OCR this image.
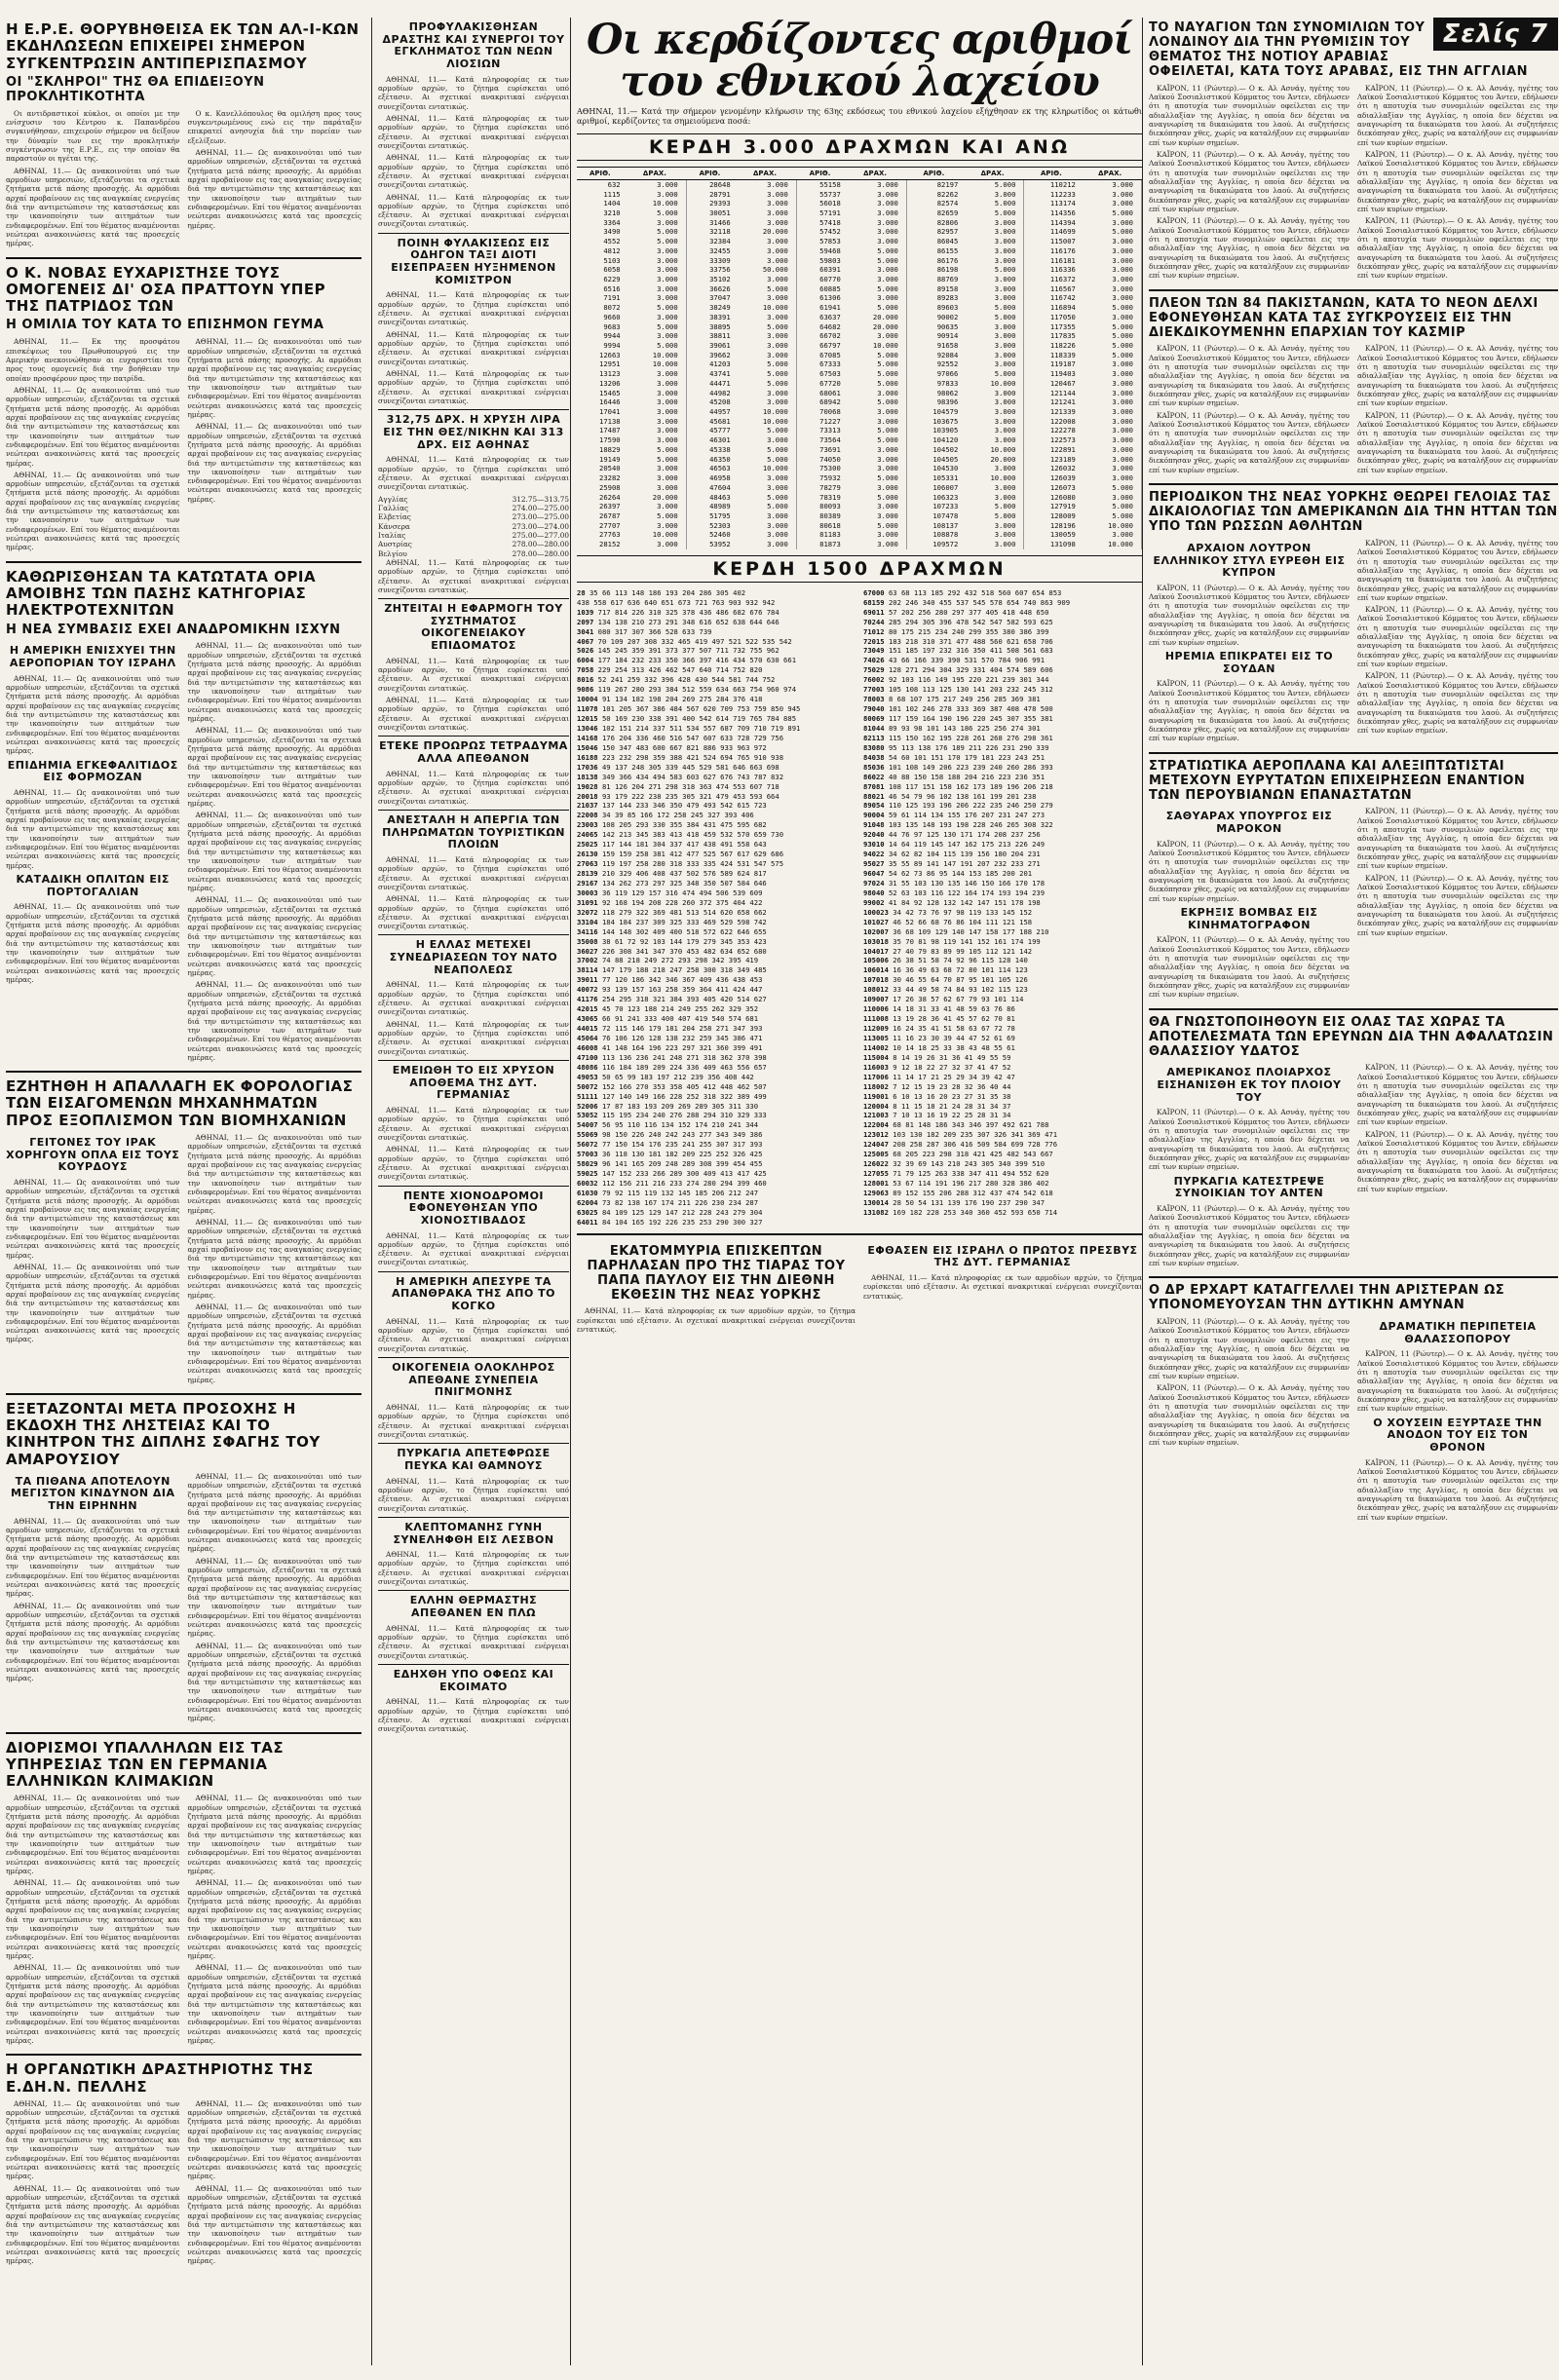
Η Ε.Ρ.Ε. ΘΟΡΥΒΗΘΕΙΣΑ ΕΚ ΤΩΝ ΑΛ-Ι-ΚΩΝ ΕΚΔΗΛΩΣΕΩΝ ΕΠΙΧΕΙΡΕΙ ΣΗΜΕΡΟΝ ΣΥΓΚΕΝΤΡΩΣΙΝ ΑΝΤΙΠΕΡΙΣΠΑΣΜΟΥ
ΟΙ "ΣΚΛΗΡΟΙ" ΤΗΣ ΘΑ ΕΠΙΔΕΙΞΟΥΝ ΠΡΟΚΛΗΤΙΚΟΤΗΤΑ

Οι αντιδραστικοί κύκλοι, οι οποίοι με την ενίσχυσιν του Κέντρου κ. Παπανδρέου συγκινήθησαν, επιχειρούν σήμερον να δείξουν την δύναμίν των εις την προκλητικήν συγκέντρωσιν της Ε.Ρ.Ε., εις την οποίαν θα παραστούν οι ηγέται της.

ΑΘΗΝΑΙ, 11.— Ως ανακοινούται υπό των αρμοδίων υπηρεσιών, εξετάζονται τα σχετικά ζητήματα μετά πάσης προσοχής. Αι αρμόδιαι αρχαί προβαίνουν εις τας αναγκαίας ενεργείας διά την αντιμετώπισιν της καταστάσεως και την ικανοποίησιν των αιτημάτων των ενδιαφερομένων. Επί του θέματος αναμένονται νεώτεραι ανακοινώσεις κατά τας προσεχείς ημέρας.

Ο κ. Κανελλόπουλος θα ομιλήση προς τους συγκεντρωμένους ενώ εις την παράταξιν επικρατεί ανησυχία διά την πορείαν των εξελίξεων.

ΑΘΗΝΑΙ, 11.— Ως ανακοινούται υπό των αρμοδίων υπηρεσιών, εξετάζονται τα σχετικά ζητήματα μετά πάσης προσοχής. Αι αρμόδιαι αρχαί προβαίνουν εις τας αναγκαίας ενεργείας διά την αντιμετώπισιν της καταστάσεως και την ικανοποίησιν των αιτημάτων των ενδιαφερομένων. Επί του θέματος αναμένονται νεώτεραι ανακοινώσεις κατά τας προσεχείς ημέρας.

Ο Κ. ΝΟΒΑΣ ΕΥΧΑΡΙΣΤΗΣΕ ΤΟΥΣ ΟΜΟΓΕΝΕΙΣ ΔΙ' ΟΣΑ ΠΡΑΤΤΟΥΝ ΥΠΕΡ ΤΗΣ ΠΑΤΡΙΔΟΣ ΤΩΝ
Η ΟΜΙΛΙΑ ΤΟΥ ΚΑΤΑ ΤΟ ΕΠΙΣΗΜΟΝ ΓΕΥΜΑ

ΑΘΗΝΑΙ, 11.— Εκ της προσφάτου επισκέψεως του Πρωθυπουργού εις την Αμερικήν ανεκοινώθησαν αι ευχαριστίαι του προς τους ομογενείς διά την βοήθειαν την οποίαν προσφέρουν προς την πατρίδα.

ΑΘΗΝΑΙ, 11.— Ως ανακοινούται υπό των αρμοδίων υπηρεσιών, εξετάζονται τα σχετικά ζητήματα μετά πάσης προσοχής. Αι αρμόδιαι αρχαί προβαίνουν εις τας αναγκαίας ενεργείας διά την αντιμετώπισιν της καταστάσεως και την ικανοποίησιν των αιτημάτων των ενδιαφερομένων. Επί του θέματος αναμένονται νεώτεραι ανακοινώσεις κατά τας προσεχείς ημέρας.

ΑΘΗΝΑΙ, 11.— Ως ανακοινούται υπό των αρμοδίων υπηρεσιών, εξετάζονται τα σχετικά ζητήματα μετά πάσης προσοχής. Αι αρμόδιαι αρχαί προβαίνουν εις τας αναγκαίας ενεργείας διά την αντιμετώπισιν της καταστάσεως και την ικανοποίησιν των αιτημάτων των ενδιαφερομένων. Επί του θέματος αναμένονται νεώτεραι ανακοινώσεις κατά τας προσεχείς ημέρας.

ΑΘΗΝΑΙ, 11.— Ως ανακοινούται υπό των αρμοδίων υπηρεσιών, εξετάζονται τα σχετικά ζητήματα μετά πάσης προσοχής. Αι αρμόδιαι αρχαί προβαίνουν εις τας αναγκαίας ενεργείας διά την αντιμετώπισιν της καταστάσεως και την ικανοποίησιν των αιτημάτων των ενδιαφερομένων. Επί του θέματος αναμένονται νεώτεραι ανακοινώσεις κατά τας προσεχείς ημέρας.

ΑΘΗΝΑΙ, 11.— Ως ανακοινούται υπό των αρμοδίων υπηρεσιών, εξετάζονται τα σχετικά ζητήματα μετά πάσης προσοχής. Αι αρμόδιαι αρχαί προβαίνουν εις τας αναγκαίας ενεργείας διά την αντιμετώπισιν της καταστάσεως και την ικανοποίησιν των αιτημάτων των ενδιαφερομένων. Επί του θέματος αναμένονται νεώτεραι ανακοινώσεις κατά τας προσεχείς ημέρας.

ΚΑΘΩΡΙΣΘΗΣΑΝ ΤΑ ΚΑΤΩΤΑΤΑ ΟΡΙΑ ΑΜΟΙΒΗΣ ΤΩΝ ΠΑΣΗΣ ΚΑΤΗΓΟΡΙΑΣ ΗΛΕΚΤΡΟΤΕΧΝΙΤΩΝ
Η ΝΕΑ ΣΥΜΒΑΣΙΣ ΕΧΕΙ ΑΝΑΔΡΟΜΙΚΗΝ ΙΣΧΥΝ
Η ΑΜΕΡΙΚΗ ΕΝΙΣΧΥΕΙ ΤΗΝ ΑΕΡΟΠΟΡΙΑΝ ΤΟΥ ΙΣΡΑΗΛ

ΑΘΗΝΑΙ, 11.— Ως ανακοινούται υπό των αρμοδίων υπηρεσιών, εξετάζονται τα σχετικά ζητήματα μετά πάσης προσοχής. Αι αρμόδιαι αρχαί προβαίνουν εις τας αναγκαίας ενεργείας διά την αντιμετώπισιν της καταστάσεως και την ικανοποίησιν των αιτημάτων των ενδιαφερομένων. Επί του θέματος αναμένονται νεώτεραι ανακοινώσεις κατά τας προσεχείς ημέρας.

ΕΠΙΔΗΜΙΑ ΕΓΚΕΦΑΛΙΤΙΔΟΣ ΕΙΣ ΦΟΡΜΟΖΑΝ

ΑΘΗΝΑΙ, 11.— Ως ανακοινούται υπό των αρμοδίων υπηρεσιών, εξετάζονται τα σχετικά ζητήματα μετά πάσης προσοχής. Αι αρμόδιαι αρχαί προβαίνουν εις τας αναγκαίας ενεργείας διά την αντιμετώπισιν της καταστάσεως και την ικανοποίησιν των αιτημάτων των ενδιαφερομένων. Επί του θέματος αναμένονται νεώτεραι ανακοινώσεις κατά τας προσεχείς ημέρας.

ΚΑΤΑΔΙΚΗ ΟΠΛΙΤΩΝ ΕΙΣ ΠΟΡΤΟΓΑΛΙΑΝ

ΑΘΗΝΑΙ, 11.— Ως ανακοινούται υπό των αρμοδίων υπηρεσιών, εξετάζονται τα σχετικά ζητήματα μετά πάσης προσοχής. Αι αρμόδιαι αρχαί προβαίνουν εις τας αναγκαίας ενεργείας διά την αντιμετώπισιν της καταστάσεως και την ικανοποίησιν των αιτημάτων των ενδιαφερομένων. Επί του θέματος αναμένονται νεώτεραι ανακοινώσεις κατά τας προσεχείς ημέρας.

ΑΘΗΝΑΙ, 11.— Ως ανακοινούται υπό των αρμοδίων υπηρεσιών, εξετάζονται τα σχετικά ζητήματα μετά πάσης προσοχής. Αι αρμόδιαι αρχαί προβαίνουν εις τας αναγκαίας ενεργείας διά την αντιμετώπισιν της καταστάσεως και την ικανοποίησιν των αιτημάτων των ενδιαφερομένων. Επί του θέματος αναμένονται νεώτεραι ανακοινώσεις κατά τας προσεχείς ημέρας.

ΑΘΗΝΑΙ, 11.— Ως ανακοινούται υπό των αρμοδίων υπηρεσιών, εξετάζονται τα σχετικά ζητήματα μετά πάσης προσοχής. Αι αρμόδιαι αρχαί προβαίνουν εις τας αναγκαίας ενεργείας διά την αντιμετώπισιν της καταστάσεως και την ικανοποίησιν των αιτημάτων των ενδιαφερομένων. Επί του θέματος αναμένονται νεώτεραι ανακοινώσεις κατά τας προσεχείς ημέρας.

ΑΘΗΝΑΙ, 11.— Ως ανακοινούται υπό των αρμοδίων υπηρεσιών, εξετάζονται τα σχετικά ζητήματα μετά πάσης προσοχής. Αι αρμόδιαι αρχαί προβαίνουν εις τας αναγκαίας ενεργείας διά την αντιμετώπισιν της καταστάσεως και την ικανοποίησιν των αιτημάτων των ενδιαφερομένων. Επί του θέματος αναμένονται νεώτεραι ανακοινώσεις κατά τας προσεχείς ημέρας.

ΑΘΗΝΑΙ, 11.— Ως ανακοινούται υπό των αρμοδίων υπηρεσιών, εξετάζονται τα σχετικά ζητήματα μετά πάσης προσοχής. Αι αρμόδιαι αρχαί προβαίνουν εις τας αναγκαίας ενεργείας διά την αντιμετώπισιν της καταστάσεως και την ικανοποίησιν των αιτημάτων των ενδιαφερομένων. Επί του θέματος αναμένονται νεώτεραι ανακοινώσεις κατά τας προσεχείς ημέρας.

ΑΘΗΝΑΙ, 11.— Ως ανακοινούται υπό των αρμοδίων υπηρεσιών, εξετάζονται τα σχετικά ζητήματα μετά πάσης προσοχής. Αι αρμόδιαι αρχαί προβαίνουν εις τας αναγκαίας ενεργείας διά την αντιμετώπισιν της καταστάσεως και την ικανοποίησιν των αιτημάτων των ενδιαφερομένων. Επί του θέματος αναμένονται νεώτεραι ανακοινώσεις κατά τας προσεχείς ημέρας.

ΕΖΗΤΗΘΗ Η ΑΠΑΛΛΑΓΗ ΕΚ ΦΟΡΟΛΟΓΙΑΣ ΤΩΝ ΕΙΣΑΓΟΜΕΝΩΝ ΜΗΧΑΝΗΜΑΤΩΝ ΠΡΟΣ ΕΞΟΠΛΙΣΜΟΝ ΤΩΝ ΒΙΟΜΗΧΑΝΙΩΝ
ΓΕΙΤΟΝΕΣ ΤΟΥ ΙΡΑΚ ΧΟΡΗΓΟΥΝ ΟΠΛΑ ΕΙΣ ΤΟΥΣ ΚΟΥΡΔΟΥΣ

ΑΘΗΝΑΙ, 11.— Ως ανακοινούται υπό των αρμοδίων υπηρεσιών, εξετάζονται τα σχετικά ζητήματα μετά πάσης προσοχής. Αι αρμόδιαι αρχαί προβαίνουν εις τας αναγκαίας ενεργείας διά την αντιμετώπισιν της καταστάσεως και την ικανοποίησιν των αιτημάτων των ενδιαφερομένων. Επί του θέματος αναμένονται νεώτεραι ανακοινώσεις κατά τας προσεχείς ημέρας.

ΑΘΗΝΑΙ, 11.— Ως ανακοινούται υπό των αρμοδίων υπηρεσιών, εξετάζονται τα σχετικά ζητήματα μετά πάσης προσοχής. Αι αρμόδιαι αρχαί προβαίνουν εις τας αναγκαίας ενεργείας διά την αντιμετώπισιν της καταστάσεως και την ικανοποίησιν των αιτημάτων των ενδιαφερομένων. Επί του θέματος αναμένονται νεώτεραι ανακοινώσεις κατά τας προσεχείς ημέρας.

ΑΘΗΝΑΙ, 11.— Ως ανακοινούται υπό των αρμοδίων υπηρεσιών, εξετάζονται τα σχετικά ζητήματα μετά πάσης προσοχής. Αι αρμόδιαι αρχαί προβαίνουν εις τας αναγκαίας ενεργείας διά την αντιμετώπισιν της καταστάσεως και την ικανοποίησιν των αιτημάτων των ενδιαφερομένων. Επί του θέματος αναμένονται νεώτεραι ανακοινώσεις κατά τας προσεχείς ημέρας.

ΑΘΗΝΑΙ, 11.— Ως ανακοινούται υπό των αρμοδίων υπηρεσιών, εξετάζονται τα σχετικά ζητήματα μετά πάσης προσοχής. Αι αρμόδιαι αρχαί προβαίνουν εις τας αναγκαίας ενεργείας διά την αντιμετώπισιν της καταστάσεως και την ικανοποίησιν των αιτημάτων των ενδιαφερομένων. Επί του θέματος αναμένονται νεώτεραι ανακοινώσεις κατά τας προσεχείς ημέρας.

ΑΘΗΝΑΙ, 11.— Ως ανακοινούται υπό των αρμοδίων υπηρεσιών, εξετάζονται τα σχετικά ζητήματα μετά πάσης προσοχής. Αι αρμόδιαι αρχαί προβαίνουν εις τας αναγκαίας ενεργείας διά την αντιμετώπισιν της καταστάσεως και την ικανοποίησιν των αιτημάτων των ενδιαφερομένων. Επί του θέματος αναμένονται νεώτεραι ανακοινώσεις κατά τας προσεχείς ημέρας.

ΕΞΕΤΑΖΟΝΤΑΙ ΜΕΤΑ ΠΡΟΣΟΧΗΣ Η ΕΚΔΟΧΗ ΤΗΣ ΛΗΣΤΕΙΑΣ ΚΑΙ ΤΟ ΚΙΝΗΤΡΟΝ ΤΗΣ ΔΙΠΛΗΣ ΣΦΑΓΗΣ ΤΟΥ ΑΜΑΡΟΥΣΙΟΥ
ΤΑ ΠΙΘΑΝΑ ΑΠΟΤΕΛΟΥΝ ΜΕΓΙΣΤΟΝ ΚΙΝΔΥΝΟΝ ΔΙΑ ΤΗΝ ΕΙΡΗΝΗΝ

ΑΘΗΝΑΙ, 11.— Ως ανακοινούται υπό των αρμοδίων υπηρεσιών, εξετάζονται τα σχετικά ζητήματα μετά πάσης προσοχής. Αι αρμόδιαι αρχαί προβαίνουν εις τας αναγκαίας ενεργείας διά την αντιμετώπισιν της καταστάσεως και την ικανοποίησιν των αιτημάτων των ενδιαφερομένων. Επί του θέματος αναμένονται νεώτεραι ανακοινώσεις κατά τας προσεχείς ημέρας.

ΑΘΗΝΑΙ, 11.— Ως ανακοινούται υπό των αρμοδίων υπηρεσιών, εξετάζονται τα σχετικά ζητήματα μετά πάσης προσοχής. Αι αρμόδιαι αρχαί προβαίνουν εις τας αναγκαίας ενεργείας διά την αντιμετώπισιν της καταστάσεως και την ικανοποίησιν των αιτημάτων των ενδιαφερομένων. Επί του θέματος αναμένονται νεώτεραι ανακοινώσεις κατά τας προσεχείς ημέρας.

ΑΘΗΝΑΙ, 11.— Ως ανακοινούται υπό των αρμοδίων υπηρεσιών, εξετάζονται τα σχετικά ζητήματα μετά πάσης προσοχής. Αι αρμόδιαι αρχαί προβαίνουν εις τας αναγκαίας ενεργείας διά την αντιμετώπισιν της καταστάσεως και την ικανοποίησιν των αιτημάτων των ενδιαφερομένων. Επί του θέματος αναμένονται νεώτεραι ανακοινώσεις κατά τας προσεχείς ημέρας.

ΑΘΗΝΑΙ, 11.— Ως ανακοινούται υπό των αρμοδίων υπηρεσιών, εξετάζονται τα σχετικά ζητήματα μετά πάσης προσοχής. Αι αρμόδιαι αρχαί προβαίνουν εις τας αναγκαίας ενεργείας διά την αντιμετώπισιν της καταστάσεως και την ικανοποίησιν των αιτημάτων των ενδιαφερομένων. Επί του θέματος αναμένονται νεώτεραι ανακοινώσεις κατά τας προσεχείς ημέρας.

ΑΘΗΝΑΙ, 11.— Ως ανακοινούται υπό των αρμοδίων υπηρεσιών, εξετάζονται τα σχετικά ζητήματα μετά πάσης προσοχής. Αι αρμόδιαι αρχαί προβαίνουν εις τας αναγκαίας ενεργείας διά την αντιμετώπισιν της καταστάσεως και την ικανοποίησιν των αιτημάτων των ενδιαφερομένων. Επί του θέματος αναμένονται νεώτεραι ανακοινώσεις κατά τας προσεχείς ημέρας.

ΔΙΟΡΙΣΜΟΙ ΥΠΑΛΛΗΛΩΝ ΕΙΣ ΤΑΣ ΥΠΗΡΕΣΙΑΣ ΤΩΝ ΕΝ ΓΕΡΜΑΝΙΑ ΕΛΛΗΝΙΚΩΝ ΚΛΙΜΑΚΙΩΝ

ΑΘΗΝΑΙ, 11.— Ως ανακοινούται υπό των αρμοδίων υπηρεσιών, εξετάζονται τα σχετικά ζητήματα μετά πάσης προσοχής. Αι αρμόδιαι αρχαί προβαίνουν εις τας αναγκαίας ενεργείας διά την αντιμετώπισιν της καταστάσεως και την ικανοποίησιν των αιτημάτων των ενδιαφερομένων. Επί του θέματος αναμένονται νεώτεραι ανακοινώσεις κατά τας προσεχείς ημέρας.

ΑΘΗΝΑΙ, 11.— Ως ανακοινούται υπό των αρμοδίων υπηρεσιών, εξετάζονται τα σχετικά ζητήματα μετά πάσης προσοχής. Αι αρμόδιαι αρχαί προβαίνουν εις τας αναγκαίας ενεργείας διά την αντιμετώπισιν της καταστάσεως και την ικανοποίησιν των αιτημάτων των ενδιαφερομένων. Επί του θέματος αναμένονται νεώτεραι ανακοινώσεις κατά τας προσεχείς ημέρας.

ΑΘΗΝΑΙ, 11.— Ως ανακοινούται υπό των αρμοδίων υπηρεσιών, εξετάζονται τα σχετικά ζητήματα μετά πάσης προσοχής. Αι αρμόδιαι αρχαί προβαίνουν εις τας αναγκαίας ενεργείας διά την αντιμετώπισιν της καταστάσεως και την ικανοποίησιν των αιτημάτων των ενδιαφερομένων. Επί του θέματος αναμένονται νεώτεραι ανακοινώσεις κατά τας προσεχείς ημέρας.

ΑΘΗΝΑΙ, 11.— Ως ανακοινούται υπό των αρμοδίων υπηρεσιών, εξετάζονται τα σχετικά ζητήματα μετά πάσης προσοχής. Αι αρμόδιαι αρχαί προβαίνουν εις τας αναγκαίας ενεργείας διά την αντιμετώπισιν της καταστάσεως και την ικανοποίησιν των αιτημάτων των ενδιαφερομένων. Επί του θέματος αναμένονται νεώτεραι ανακοινώσεις κατά τας προσεχείς ημέρας.

ΑΘΗΝΑΙ, 11.— Ως ανακοινούται υπό των αρμοδίων υπηρεσιών, εξετάζονται τα σχετικά ζητήματα μετά πάσης προσοχής. Αι αρμόδιαι αρχαί προβαίνουν εις τας αναγκαίας ενεργείας διά την αντιμετώπισιν της καταστάσεως και την ικανοποίησιν των αιτημάτων των ενδιαφερομένων. Επί του θέματος αναμένονται νεώτεραι ανακοινώσεις κατά τας προσεχείς ημέρας.

ΑΘΗΝΑΙ, 11.— Ως ανακοινούται υπό των αρμοδίων υπηρεσιών, εξετάζονται τα σχετικά ζητήματα μετά πάσης προσοχής. Αι αρμόδιαι αρχαί προβαίνουν εις τας αναγκαίας ενεργείας διά την αντιμετώπισιν της καταστάσεως και την ικανοποίησιν των αιτημάτων των ενδιαφερομένων. Επί του θέματος αναμένονται νεώτεραι ανακοινώσεις κατά τας προσεχείς ημέρας.

Η ΟΡΓΑΝΩΤΙΚΗ ΔΡΑΣΤΗΡΙΟΤΗΣ ΤΗΣ Ε.ΔΗ.Ν. ΠΕΛΛΗΣ

ΑΘΗΝΑΙ, 11.— Ως ανακοινούται υπό των αρμοδίων υπηρεσιών, εξετάζονται τα σχετικά ζητήματα μετά πάσης προσοχής. Αι αρμόδιαι αρχαί προβαίνουν εις τας αναγκαίας ενεργείας διά την αντιμετώπισιν της καταστάσεως και την ικανοποίησιν των αιτημάτων των ενδιαφερομένων. Επί του θέματος αναμένονται νεώτεραι ανακοινώσεις κατά τας προσεχείς ημέρας.

ΑΘΗΝΑΙ, 11.— Ως ανακοινούται υπό των αρμοδίων υπηρεσιών, εξετάζονται τα σχετικά ζητήματα μετά πάσης προσοχής. Αι αρμόδιαι αρχαί προβαίνουν εις τας αναγκαίας ενεργείας διά την αντιμετώπισιν της καταστάσεως και την ικανοποίησιν των αιτημάτων των ενδιαφερομένων. Επί του θέματος αναμένονται νεώτεραι ανακοινώσεις κατά τας προσεχείς ημέρας.

ΑΘΗΝΑΙ, 11.— Ως ανακοινούται υπό των αρμοδίων υπηρεσιών, εξετάζονται τα σχετικά ζητήματα μετά πάσης προσοχής. Αι αρμόδιαι αρχαί προβαίνουν εις τας αναγκαίας ενεργείας διά την αντιμετώπισιν της καταστάσεως και την ικανοποίησιν των αιτημάτων των ενδιαφερομένων. Επί του θέματος αναμένονται νεώτεραι ανακοινώσεις κατά τας προσεχείς ημέρας.

ΑΘΗΝΑΙ, 11.— Ως ανακοινούται υπό των αρμοδίων υπηρεσιών, εξετάζονται τα σχετικά ζητήματα μετά πάσης προσοχής. Αι αρμόδιαι αρχαί προβαίνουν εις τας αναγκαίας ενεργείας διά την αντιμετώπισιν της καταστάσεως και την ικανοποίησιν των αιτημάτων των ενδιαφερομένων. Επί του θέματος αναμένονται νεώτεραι ανακοινώσεις κατά τας προσεχείς ημέρας.

ΠΡΟΦΥΛΑΚΙΣΘΗΣΑΝ ΔΡΑΣΤΗΣ ΚΑΙ ΣΥΝΕΡΓΟΙ ΤΟΥ ΕΓΚΛΗΜΑΤΟΣ ΤΩΝ ΝΕΩΝ ΛΙΟΣΙΩΝ

ΑΘΗΝΑΙ, 11.— Κατά πληροφορίας εκ των αρμοδίων αρχών, το ζήτημα ευρίσκεται υπό εξέτασιν. Αι σχετικαί ανακριτικαί ενέργειαι συνεχίζονται εντατικώς.

ΑΘΗΝΑΙ, 11.— Κατά πληροφορίας εκ των αρμοδίων αρχών, το ζήτημα ευρίσκεται υπό εξέτασιν. Αι σχετικαί ανακριτικαί ενέργειαι συνεχίζονται εντατικώς.

ΑΘΗΝΑΙ, 11.— Κατά πληροφορίας εκ των αρμοδίων αρχών, το ζήτημα ευρίσκεται υπό εξέτασιν. Αι σχετικαί ανακριτικαί ενέργειαι συνεχίζονται εντατικώς.

ΑΘΗΝΑΙ, 11.— Κατά πληροφορίας εκ των αρμοδίων αρχών, το ζήτημα ευρίσκεται υπό εξέτασιν. Αι σχετικαί ανακριτικαί ενέργειαι συνεχίζονται εντατικώς.

ΠΟΙΝΗ ΦΥΛΑΚΙΣΕΩΣ ΕΙΣ ΟΔΗΓΟΝ ΤΑΞΙ ΔΙΟΤΙ ΕΙΣΕΠΡΑΞΕΝ ΗΥΞΗΜΕΝΟΝ ΚΟΜΙΣΤΡΟΝ

ΑΘΗΝΑΙ, 11.— Κατά πληροφορίας εκ των αρμοδίων αρχών, το ζήτημα ευρίσκεται υπό εξέτασιν. Αι σχετικαί ανακριτικαί ενέργειαι συνεχίζονται εντατικώς.

ΑΘΗΝΑΙ, 11.— Κατά πληροφορίας εκ των αρμοδίων αρχών, το ζήτημα ευρίσκεται υπό εξέτασιν. Αι σχετικαί ανακριτικαί ενέργειαι συνεχίζονται εντατικώς.

ΑΘΗΝΑΙ, 11.— Κατά πληροφορίας εκ των αρμοδίων αρχών, το ζήτημα ευρίσκεται υπό εξέτασιν. Αι σχετικαί ανακριτικαί ενέργειαι συνεχίζονται εντατικώς.

312,75 ΔΡΧ. Η ΧΡΥΣΗ ΛΙΡΑ ΕΙΣ ΤΗΝ ΘΕΣ/ΝΙΚΗΝ ΚΑΙ 313 ΔΡΧ. ΕΙΣ ΑΘΗΝΑΣ

ΑΘΗΝΑΙ, 11.— Κατά πληροφορίας εκ των αρμοδίων αρχών, το ζήτημα ευρίσκεται υπό εξέτασιν. Αι σχετικαί ανακριτικαί ενέργειαι συνεχίζονται εντατικώς.

Αγγλίας	312.75—313.75
Γαλλίας	274.00—275.00
Ελβετίας	273.00—275.00
Κάνσερα	273.00—274.00
Ιταλίας	275.00—277.00
Αυστρίας	278.00—280.00
Βελγίου	278.00—280.00

ΑΘΗΝΑΙ, 11.— Κατά πληροφορίας εκ των αρμοδίων αρχών, το ζήτημα ευρίσκεται υπό εξέτασιν. Αι σχετικαί ανακριτικαί ενέργειαι συνεχίζονται εντατικώς.

ΖΗΤΕΙΤΑΙ Η ΕΦΑΡΜΟΓΗ ΤΟΥ ΣΥΣΤΗΜΑΤΟΣ ΟΙΚΟΓΕΝΕΙΑΚΟΥ ΕΠΙΔΟΜΑΤΟΣ

ΑΘΗΝΑΙ, 11.— Κατά πληροφορίας εκ των αρμοδίων αρχών, το ζήτημα ευρίσκεται υπό εξέτασιν. Αι σχετικαί ανακριτικαί ενέργειαι συνεχίζονται εντατικώς.

ΑΘΗΝΑΙ, 11.— Κατά πληροφορίας εκ των αρμοδίων αρχών, το ζήτημα ευρίσκεται υπό εξέτασιν. Αι σχετικαί ανακριτικαί ενέργειαι συνεχίζονται εντατικώς.

ΕΤΕΚΕ ΠΡΟΩΡΩΣ ΤΕΤΡΑΔΥΜΑ ΑΛΛΑ ΑΠΕΘΑΝΟΝ

ΑΘΗΝΑΙ, 11.— Κατά πληροφορίας εκ των αρμοδίων αρχών, το ζήτημα ευρίσκεται υπό εξέτασιν. Αι σχετικαί ανακριτικαί ενέργειαι συνεχίζονται εντατικώς.

ΑΝΕΣΤΑΛΗ Η ΑΠΕΡΓΙΑ ΤΩΝ ΠΛΗΡΩΜΑΤΩΝ ΤΟΥΡΙΣΤΙΚΩΝ ΠΛΟΙΩΝ

ΑΘΗΝΑΙ, 11.— Κατά πληροφορίας εκ των αρμοδίων αρχών, το ζήτημα ευρίσκεται υπό εξέτασιν. Αι σχετικαί ανακριτικαί ενέργειαι συνεχίζονται εντατικώς.

ΑΘΗΝΑΙ, 11.— Κατά πληροφορίας εκ των αρμοδίων αρχών, το ζήτημα ευρίσκεται υπό εξέτασιν. Αι σχετικαί ανακριτικαί ενέργειαι συνεχίζονται εντατικώς.

Η ΕΛΛΑΣ ΜΕΤΕΧΕΙ ΣΥΝΕΔΡΙΑΣΕΩΝ ΤΟΥ ΝΑΤΟ ΝΕΑΠΟΛΕΩΣ

ΑΘΗΝΑΙ, 11.— Κατά πληροφορίας εκ των αρμοδίων αρχών, το ζήτημα ευρίσκεται υπό εξέτασιν. Αι σχετικαί ανακριτικαί ενέργειαι συνεχίζονται εντατικώς.

ΑΘΗΝΑΙ, 11.— Κατά πληροφορίας εκ των αρμοδίων αρχών, το ζήτημα ευρίσκεται υπό εξέτασιν. Αι σχετικαί ανακριτικαί ενέργειαι συνεχίζονται εντατικώς.

ΕΜΕΙΩΘΗ ΤΟ ΕΙΣ ΧΡΥΣΟΝ ΑΠΟΘΕΜΑ ΤΗΣ ΔΥΤ. ΓΕΡΜΑΝΙΑΣ

ΑΘΗΝΑΙ, 11.— Κατά πληροφορίας εκ των αρμοδίων αρχών, το ζήτημα ευρίσκεται υπό εξέτασιν. Αι σχετικαί ανακριτικαί ενέργειαι συνεχίζονται εντατικώς.

ΑΘΗΝΑΙ, 11.— Κατά πληροφορίας εκ των αρμοδίων αρχών, το ζήτημα ευρίσκεται υπό εξέτασιν. Αι σχετικαί ανακριτικαί ενέργειαι συνεχίζονται εντατικώς.

ΠΕΝΤΕ ΧΙΟΝΟΔΡΟΜΟΙ ΕΦΟΝΕΥΘΗΣΑΝ ΥΠΟ ΧΙΟΝΟΣΤΙΒΑΔΟΣ

ΑΘΗΝΑΙ, 11.— Κατά πληροφορίας εκ των αρμοδίων αρχών, το ζήτημα ευρίσκεται υπό εξέτασιν. Αι σχετικαί ανακριτικαί ενέργειαι συνεχίζονται εντατικώς.

Η ΑΜΕΡΙΚΗ ΑΠΕΣΥΡΕ ΤΑ ΑΠΑΝΘΡΑΚΑ ΤΗΣ ΑΠΟ ΤΟ ΚΟΓΚΟ

ΑΘΗΝΑΙ, 11.— Κατά πληροφορίας εκ των αρμοδίων αρχών, το ζήτημα ευρίσκεται υπό εξέτασιν. Αι σχετικαί ανακριτικαί ενέργειαι συνεχίζονται εντατικώς.

ΟΙΚΟΓΕΝΕΙΑ ΟΛΟΚΛΗΡΟΣ ΑΠΕΘΑΝΕ ΣΥΝΕΠΕΙΑ ΠΝΙΓΜΟΝΗΣ

ΑΘΗΝΑΙ, 11.— Κατά πληροφορίας εκ των αρμοδίων αρχών, το ζήτημα ευρίσκεται υπό εξέτασιν. Αι σχετικαί ανακριτικαί ενέργειαι συνεχίζονται εντατικώς.

ΠΥΡΚΑΓΙΑ ΑΠΕΤΕΦΡΩΣΕ ΠΕΥΚΑ ΚΑΙ ΘΑΜΝΟΥΣ

ΑΘΗΝΑΙ, 11.— Κατά πληροφορίας εκ των αρμοδίων αρχών, το ζήτημα ευρίσκεται υπό εξέτασιν. Αι σχετικαί ανακριτικαί ενέργειαι συνεχίζονται εντατικώς.

ΚΛΕΠΤΟΜΑΝΗΣ ΓΥΝΗ ΣΥΝΕΛΗΦΘΗ ΕΙΣ ΛΕΣΒΟΝ

ΑΘΗΝΑΙ, 11.— Κατά πληροφορίας εκ των αρμοδίων αρχών, το ζήτημα ευρίσκεται υπό εξέτασιν. Αι σχετικαί ανακριτικαί ενέργειαι συνεχίζονται εντατικώς.

ΕΛΛΗΝ ΘΕΡΜΑΣΤΗΣ ΑΠΕΘΑΝΕΝ ΕΝ ΠΛΩ

ΑΘΗΝΑΙ, 11.— Κατά πληροφορίας εκ των αρμοδίων αρχών, το ζήτημα ευρίσκεται υπό εξέτασιν. Αι σχετικαί ανακριτικαί ενέργειαι συνεχίζονται εντατικώς.

ΕΔΗΧΘΗ ΥΠΟ ΟΦΕΩΣ ΚΑΙ ΕΚΟΙΜΑΤΟ

ΑΘΗΝΑΙ, 11.— Κατά πληροφορίας εκ των αρμοδίων αρχών, το ζήτημα ευρίσκεται υπό εξέτασιν. Αι σχετικαί ανακριτικαί ενέργειαι συνεχίζονται εντατικώς.

Οι κερδίζοντες αριθμοί του εθνικού λαχείου
ΑΘΗΝΑΙ, 11.— Κατά την σήμερον γενομένην κλήρωσιν της 63ης εκδόσεως του εθνικού λαχείου εξήχθησαν εκ της κληρωτίδος οι κάτωθι αριθμοί, κερδίζοντες τα σημειούμενα ποσά:
ΚΕΡΔΗ 3.000 ΔΡΑΧΜΩΝ ΚΑΙ ΑΝΩ
ΑΡΙΘ.	ΔΡΑΧ.	ΑΡΙΘ.	ΔΡΑΧ.	ΑΡΙΘ.	ΔΡΑΧ.	ΑΡΙΘ.	ΔΡΑΧ.	ΑΡΙΘ.	ΔΡΑΧ.
632	3.000	28648	3.000	55158	3.000	82197	5.000	110212	3.000
1115	3.000	28791	3.000	55737	3.000	82262	3.000	112233	3.000
1404	10.000	29393	3.000	56018	3.000	82574	5.000	113174	3.000
3210	5.000	30051	3.000	57191	3.000	82659	5.000	114356	5.000
3364	3.000	31466	3.000	57418	3.000	82806	3.000	114394	3.000
3490	5.000	32118	20.000	57452	3.000	82957	3.000	114699	5.000
4552	5.000	32384	3.000	57853	3.000	86045	3.000	115007	3.000
4812	3.000	32455	3.000	59468	5.000	86155	3.000	116176	3.000
5103	3.000	33309	3.000	59803	5.000	86176	3.000	116181	3.000
6058	3.000	33756	50.000	60391	3.000	86198	5.000	116336	3.000
6229	3.000	35102	3.000	60770	3.000	88769	3.000	116372	3.000
6516	3.000	36626	5.000	60885	5.000	89158	3.000	116567	3.000
7191	3.000	37047	3.000	61306	3.000	89283	3.000	116742	3.000
8072	5.000	38249	10.000	61941	5.000	89603	5.000	116894	5.000
9660	3.000	38391	3.000	63637	20.000	90002	5.000	117050	3.000
9683	5.000	38895	5.000	64682	20.000	90635	3.000	117355	5.000
9944	3.000	38811	3.000	66702	3.000	90914	3.000	117835	5.000
9994	5.000	39061	3.000	66797	10.000	91658	3.000	118226	5.000
12663	10.000	39662	3.000	67085	5.000	92084	3.000	118339	5.000
12951	10.000	41203	5.000	67333	5.000	92552	3.000	119187	3.000
13123	3.000	43741	5.000	67503	5.000	97066	5.000	119403	3.000
13206	3.000	44471	5.000	67720	5.000	97833	10.000	120467	3.000
15465	3.000	44982	3.000	68061	3.000	98062	3.000	121144	3.000
16446	3.000	45208	3.000	68942	5.000	98396	3.000	121241	3.000
17041	3.000	44957	10.000	70068	3.000	104579	3.000	121339	3.000
17138	3.000	45681	10.000	71227	3.000	103675	3.000	122008	3.000
17487	3.000	45777	5.000	73313	5.000	103905	3.000	122278	3.000
17590	3.000	46301	3.000	73564	5.000	104120	3.000	122573	3.000
18829	5.000	45338	5.000	73691	3.000	104502	10.000	122891	3.000
19149	5.000	46350	5.000	74050	3.000	104505	20.000	123189	3.000
20540	3.000	46563	10.000	75300	3.000	104530	3.000	126032	3.000
23282	3.000	46958	3.000	75932	5.000	105331	10.000	126039	3.000
25908	3.000	47604	3.000	78279	3.000	106007	3.000	126073	5.000
26264	20.000	48463	5.000	78319	5.000	106323	3.000	126080	3.000
26397	3.000	48989	5.000	80093	3.000	107233	5.000	127919	5.000
26787	5.000	51795	3.000	80389	3.000	107478	5.000	128009	5.000
27707	3.000	52303	3.000	80618	5.000	108137	3.000	128196	10.000
27763	10.000	52460	3.000	81183	3.000	108878	3.000	130059	3.000
28152	3.000	53952	3.000	81873	3.000	109572	3.000	131098	10.000
ΚΕΡΔΗ 1500 ΔΡΑΧΜΩΝ
28 35 66 113 148 186 193 204 286 305 402
438 558 617 636 640 651 673 721 763 903 932 942
1039 717 814 226 310 325 378 436 486 682 676 784
2097 134 138 210 273 291 348 616 652 638 644 646
3041 080 317 307 366 528 633 739
4067 70 109 207 308 332 465 419 497 521 522 535 542
5026 145 245 359 391 373 377 507 711 732 755 962
6004 177 184 232 233 350 366 397 416 434 570 630 661
7058 229 254 313 426 462 547 640 714 752 820
8016 52 241 259 332 396 428 430 544 581 744 752
9086 119 267 280 293 384 512 559 634 663 754 960 974
10004 91 134 182 198 204 269 275 284 376 418
11078 101 205 367 386 484 567 620 709 753 759 850 945
12015 50 169 230 338 391 400 542 614 719 765 784 885
13046 102 151 214 337 511 534 557 687 709 710 719 891
14168 176 204 336 460 516 547 607 633 728 729 756
15046 150 347 483 600 667 821 886 933 963 972
16188 223 232 298 359 388 421 524 694 765 910 938
17036 49 137 248 305 339 445 529 581 646 663 698
18138 349 366 434 494 583 603 627 676 743 787 832
19028 81 126 204 271 298 318 363 474 553 607 718
20018 93 179 222 238 235 305 321 479 453 593 664
21037 137 144 233 346 350 479 493 542 615 723
22008 34 39 85 166 172 258 245 327 393 406
23003 108 205 293 330 355 384 431 475 595 682
24065 142 213 345 383 413 418 459 532 570 659 730
25025 117 144 181 304 337 417 438 491 558 643
26130 159 159 258 381 412 477 525 567 617 629 686
27063 119 197 258 280 318 333 335 424 531 547 575
28139 210 329 406 408 437 502 576 589 624 817
29167 134 262 273 297 325 348 350 507 584 646
30003 36 119 129 157 316 474 494 506 539 609
31091 92 168 194 208 228 260 372 375 404 422
32072 118 279 322 369 481 513 514 620 658 662
33104 184 184 237 309 325 333 469 529 598 742
34116 144 148 302 409 400 518 572 622 646 655
35008 38 61 72 92 103 144 179 279 345 353 423
36027 226 308 341 347 370 453 482 634 652 680
37002 74 88 218 249 272 293 298 342 395 419
38114 147 179 188 218 247 258 300 318 349 485
39011 77 120 186 342 346 367 409 436 438 453
40072 93 139 157 163 258 359 364 411 424 447
41176 254 295 318 321 384 393 405 420 514 627
42015 45 70 123 188 214 249 255 262 329 352
43065 66 91 241 333 400 407 419 540 574 681
44015 72 115 146 179 181 204 258 271 347 393
45064 76 106 126 128 138 232 259 345 386 471
46008 41 148 164 196 223 297 321 360 399 491
47100 113 136 236 241 248 271 318 362 370 398
48086 116 184 189 209 224 336 409 463 556 657
49053 50 65 99 183 197 212 239 356 408 442
50072 152 166 270 353 358 405 412 448 462 507
51111 127 140 149 166 228 252 318 322 389 499
52006 17 87 183 193 209 269 289 305 311 330
53052 115 195 234 240 276 288 294 310 329 333
54007 56 95 110 116 134 152 174 210 241 344
55069 98 150 226 240 242 243 277 343 349 386
56072 77 150 154 176 235 241 255 307 317 393
57003 36 118 130 181 182 209 225 252 326 425
58029 96 141 165 209 248 289 308 399 454 455
59025 147 152 233 266 289 300 409 413 417 425
60032 112 156 211 216 233 274 280 294 399 460
61030 79 92 115 119 132 145 185 206 212 247
62004 73 82 138 167 174 211 226 230 234 287
63025 84 109 125 129 147 212 228 243 279 304
64011 84 104 165 192 226 235 253 290 300 327
67000 63 68 113 185 292 432 518 560 607 654 853
68159 202 246 340 455 537 545 578 654 740 863 909
69011 57 202 256 280 297 377 405 418 448 650
70244 285 294 305 396 478 542 547 582 593 625
71012 80 175 215 234 240 299 355 380 386 399
72015 183 218 310 371 477 488 560 621 658 706
73049 151 185 197 232 316 350 411 508 561 683
74026 43 66 166 339 390 531 570 784 906 991
75029 128 271 294 304 329 331 404 574 589 606
76002 92 103 116 149 195 220 221 239 301 344
77003 105 108 113 125 130 141 203 232 245 312
78003 8 68 107 175 217 249 256 285 369 381
79040 101 102 246 278 333 369 387 408 478 500
80069 117 159 164 190 196 220 245 307 355 381
81044 89 93 98 101 143 186 225 256 274 301
82113 115 150 162 195 228 261 268 276 298 361
83080 95 113 138 176 189 211 226 231 290 339
84038 54 60 101 151 170 179 181 223 243 251
85036 101 108 149 206 223 239 240 260 286 393
86022 40 88 150 158 188 204 216 223 236 351
87081 108 117 151 158 162 173 189 196 206 218
88021 46 54 79 96 102 138 161 199 201 238
89054 110 125 193 196 206 222 235 246 250 279
90004 59 61 114 134 155 176 207 231 247 273
91048 103 135 148 193 198 228 246 265 308 322
92040 44 76 97 125 130 171 174 208 237 256
93010 14 64 119 145 147 162 175 213 226 249
94022 34 62 82 104 115 139 156 180 204 231
95027 35 55 89 141 147 191 207 232 233 271
96047 54 62 73 86 95 144 153 185 200 201
97024 31 55 103 130 135 146 150 166 170 178
98040 52 63 103 116 122 164 174 193 194 239
99002 41 84 92 128 132 142 147 151 178 198
100023 34 42 73 76 97 98 119 133 145 152
101027 46 52 66 68 76 86 104 111 121 158
102007 36 68 109 129 140 147 158 177 188 210
103018 35 70 81 98 119 141 152 161 174 199
104017 27 40 79 83 89 99 105 112 121 142
105006 26 38 51 58 74 92 96 115 128 140
106014 16 36 49 63 68 72 80 101 114 123
107018 30 46 55 64 70 87 95 101 105 126
108012 33 44 49 58 74 84 93 102 115 123
109007 17 26 38 57 62 67 79 93 101 114
110006 14 18 31 33 41 48 59 63 76 86
111008 13 19 28 36 41 45 57 62 70 81
112009 16 24 35 41 51 58 63 67 72 78
113005 11 16 23 30 39 44 47 52 61 69
114002 10 14 18 25 33 38 43 48 55 61
115004 8 14 19 26 31 36 41 49 55 59
116003 9 12 18 22 27 32 37 41 47 52
117006 11 14 17 21 25 29 34 39 42 47
118002 7 12 15 19 23 28 32 36 40 44
119001 6 10 13 16 20 23 27 31 35 38
120004 8 11 15 18 21 24 28 31 34 37
121003 7 10 13 16 19 22 25 28 31 34
122004 68 81 148 186 343 346 397 492 621 788
123012 103 130 182 209 235 307 326 341 369 471
124047 208 258 287 306 416 509 584 699 728 776
125005 68 205 223 298 318 421 425 482 543 667
126022 32 39 69 143 210 243 305 340 399 510
127055 71 79 125 263 338 347 411 494 552 620
128001 53 67 114 191 196 217 280 328 386 402
129063 89 152 155 206 288 312 437 474 542 618
130014 28 50 54 131 139 176 190 237 290 347
131082 169 182 228 253 340 360 452 593 650 714
ΕΚΑΤΟΜΜΥΡΙΑ ΕΠΙΣΚΕΠΤΩΝ ΠΑΡΗΛΑΣΑΝ ΠΡΟ ΤΗΣ ΤΙΑΡΑΣ ΤΟΥ ΠΑΠΑ ΠΑΥΛΟΥ ΕΙΣ ΤΗΝ ΔΙΕΘΝΗ ΕΚΘΕΣΙΝ ΤΗΣ ΝΕΑΣ ΥΟΡΚΗΣ

ΑΘΗΝΑΙ, 11.— Κατά πληροφορίας εκ των αρμοδίων αρχών, το ζήτημα ευρίσκεται υπό εξέτασιν. Αι σχετικαί ανακριτικαί ενέργειαι συνεχίζονται εντατικώς.

ΕΦΘΑΣΕΝ ΕΙΣ ΙΣΡΑΗΛ Ο ΠΡΩΤΟΣ ΠΡΕΣΒΥΣ ΤΗΣ ΔΥΤ. ΓΕΡΜΑΝΙΑΣ

ΑΘΗΝΑΙ, 11.— Κατά πληροφορίας εκ των αρμοδίων αρχών, το ζήτημα ευρίσκεται υπό εξέτασιν. Αι σχετικαί ανακριτικαί ενέργειαι συνεχίζονται εντατικώς.

Σελίς 7
ΤΟ ΝΑΥΑΓΙΟΝ ΤΩΝ ΣΥΝΟΜΙΛΙΩΝ ΤΟΥ ΛΟΝΔΙΝΟΥ ΔΙΑ ΤΗΝ ΡΥΘΜΙΣΙΝ ΤΟΥ ΘΕΜΑΤΟΣ ΤΗΣ ΝΟΤΙΟΥ ΑΡΑΒΙΑΣ ΟΦΕΙΛΕΤΑΙ, ΚΑΤΑ ΤΟΥΣ ΑΡΑΒΑΣ, ΕΙΣ ΤΗΝ ΑΓΓΛΙΑΝ

ΚΑΪΡΟΝ, 11 (Ρώυτερ).— Ο κ. Αλ Ασνάγ, ηγέτης του Λαϊκού Σοσιαλιστικού Κόμματος του Άντεν, εδήλωσεν ότι η αποτυχία των συνομιλιών οφείλεται εις την αδιαλλαξίαν της Αγγλίας, η οποία δεν δέχεται να αναγνωρίση τα δικαιώματα του λαού. Αι συζητήσεις διεκόπησαν χθες, χωρίς να καταλήξουν εις συμφωνίαν επί των κυρίων σημείων.

ΚΑΪΡΟΝ, 11 (Ρώυτερ).— Ο κ. Αλ Ασνάγ, ηγέτης του Λαϊκού Σοσιαλιστικού Κόμματος του Άντεν, εδήλωσεν ότι η αποτυχία των συνομιλιών οφείλεται εις την αδιαλλαξίαν της Αγγλίας, η οποία δεν δέχεται να αναγνωρίση τα δικαιώματα του λαού. Αι συζητήσεις διεκόπησαν χθες, χωρίς να καταλήξουν εις συμφωνίαν επί των κυρίων σημείων.

ΚΑΪΡΟΝ, 11 (Ρώυτερ).— Ο κ. Αλ Ασνάγ, ηγέτης του Λαϊκού Σοσιαλιστικού Κόμματος του Άντεν, εδήλωσεν ότι η αποτυχία των συνομιλιών οφείλεται εις την αδιαλλαξίαν της Αγγλίας, η οποία δεν δέχεται να αναγνωρίση τα δικαιώματα του λαού. Αι συζητήσεις διεκόπησαν χθες, χωρίς να καταλήξουν εις συμφωνίαν επί των κυρίων σημείων.

ΚΑΪΡΟΝ, 11 (Ρώυτερ).— Ο κ. Αλ Ασνάγ, ηγέτης του Λαϊκού Σοσιαλιστικού Κόμματος του Άντεν, εδήλωσεν ότι η αποτυχία των συνομιλιών οφείλεται εις την αδιαλλαξίαν της Αγγλίας, η οποία δεν δέχεται να αναγνωρίση τα δικαιώματα του λαού. Αι συζητήσεις διεκόπησαν χθες, χωρίς να καταλήξουν εις συμφωνίαν επί των κυρίων σημείων.

ΚΑΪΡΟΝ, 11 (Ρώυτερ).— Ο κ. Αλ Ασνάγ, ηγέτης του Λαϊκού Σοσιαλιστικού Κόμματος του Άντεν, εδήλωσεν ότι η αποτυχία των συνομιλιών οφείλεται εις την αδιαλλαξίαν της Αγγλίας, η οποία δεν δέχεται να αναγνωρίση τα δικαιώματα του λαού. Αι συζητήσεις διεκόπησαν χθες, χωρίς να καταλήξουν εις συμφωνίαν επί των κυρίων σημείων.

ΚΑΪΡΟΝ, 11 (Ρώυτερ).— Ο κ. Αλ Ασνάγ, ηγέτης του Λαϊκού Σοσιαλιστικού Κόμματος του Άντεν, εδήλωσεν ότι η αποτυχία των συνομιλιών οφείλεται εις την αδιαλλαξίαν της Αγγλίας, η οποία δεν δέχεται να αναγνωρίση τα δικαιώματα του λαού. Αι συζητήσεις διεκόπησαν χθες, χωρίς να καταλήξουν εις συμφωνίαν επί των κυρίων σημείων.

ΠΛΕΟΝ ΤΩΝ 84 ΠΑΚΙΣΤΑΝΩΝ, ΚΑΤΑ ΤΟ ΝΕΟΝ ΔΕΛΧΙ ΕΦΟΝΕΥΘΗΣΑΝ ΚΑΤΑ ΤΑΣ ΣΥΓΚΡΟΥΣΕΙΣ ΕΙΣ ΤΗΝ ΔΙΕΚΔΙΚΟΥΜΕΝΗΝ ΕΠΑΡΧΙΑΝ ΤΟΥ ΚΑΣΜΙΡ

ΚΑΪΡΟΝ, 11 (Ρώυτερ).— Ο κ. Αλ Ασνάγ, ηγέτης του Λαϊκού Σοσιαλιστικού Κόμματος του Άντεν, εδήλωσεν ότι η αποτυχία των συνομιλιών οφείλεται εις την αδιαλλαξίαν της Αγγλίας, η οποία δεν δέχεται να αναγνωρίση τα δικαιώματα του λαού. Αι συζητήσεις διεκόπησαν χθες, χωρίς να καταλήξουν εις συμφωνίαν επί των κυρίων σημείων.

ΚΑΪΡΟΝ, 11 (Ρώυτερ).— Ο κ. Αλ Ασνάγ, ηγέτης του Λαϊκού Σοσιαλιστικού Κόμματος του Άντεν, εδήλωσεν ότι η αποτυχία των συνομιλιών οφείλεται εις την αδιαλλαξίαν της Αγγλίας, η οποία δεν δέχεται να αναγνωρίση τα δικαιώματα του λαού. Αι συζητήσεις διεκόπησαν χθες, χωρίς να καταλήξουν εις συμφωνίαν επί των κυρίων σημείων.

ΚΑΪΡΟΝ, 11 (Ρώυτερ).— Ο κ. Αλ Ασνάγ, ηγέτης του Λαϊκού Σοσιαλιστικού Κόμματος του Άντεν, εδήλωσεν ότι η αποτυχία των συνομιλιών οφείλεται εις την αδιαλλαξίαν της Αγγλίας, η οποία δεν δέχεται να αναγνωρίση τα δικαιώματα του λαού. Αι συζητήσεις διεκόπησαν χθες, χωρίς να καταλήξουν εις συμφωνίαν επί των κυρίων σημείων.

ΚΑΪΡΟΝ, 11 (Ρώυτερ).— Ο κ. Αλ Ασνάγ, ηγέτης του Λαϊκού Σοσιαλιστικού Κόμματος του Άντεν, εδήλωσεν ότι η αποτυχία των συνομιλιών οφείλεται εις την αδιαλλαξίαν της Αγγλίας, η οποία δεν δέχεται να αναγνωρίση τα δικαιώματα του λαού. Αι συζητήσεις διεκόπησαν χθες, χωρίς να καταλήξουν εις συμφωνίαν επί των κυρίων σημείων.

ΠΕΡΙΟΔΙΚΟΝ ΤΗΣ ΝΕΑΣ ΥΟΡΚΗΣ ΘΕΩΡΕΙ ΓΕΛΟΙΑΣ ΤΑΣ ΔΙΚΑΙΟΛΟΓΙΑΣ ΤΩΝ ΑΜΕΡΙΚΑΝΩΝ ΔΙΑ ΤΗΝ ΗΤΤΑΝ ΤΩΝ ΥΠΟ ΤΩΝ ΡΩΣΣΩΝ ΑΘΛΗΤΩΝ
ΑΡΧΑΙΟΝ ΛΟΥΤΡΟΝ ΕΛΛΗΝΙΚΟΥ ΣΤΥΛ ΕΥΡΕΘΗ ΕΙΣ ΚΥΠΡΟΝ

ΚΑΪΡΟΝ, 11 (Ρώυτερ).— Ο κ. Αλ Ασνάγ, ηγέτης του Λαϊκού Σοσιαλιστικού Κόμματος του Άντεν, εδήλωσεν ότι η αποτυχία των συνομιλιών οφείλεται εις την αδιαλλαξίαν της Αγγλίας, η οποία δεν δέχεται να αναγνωρίση τα δικαιώματα του λαού. Αι συζητήσεις διεκόπησαν χθες, χωρίς να καταλήξουν εις συμφωνίαν επί των κυρίων σημείων.

ΗΡΕΜΙΑ ΕΠΙΚΡΑΤΕΙ ΕΙΣ ΤΟ ΣΟΥΔΑΝ

ΚΑΪΡΟΝ, 11 (Ρώυτερ).— Ο κ. Αλ Ασνάγ, ηγέτης του Λαϊκού Σοσιαλιστικού Κόμματος του Άντεν, εδήλωσεν ότι η αποτυχία των συνομιλιών οφείλεται εις την αδιαλλαξίαν της Αγγλίας, η οποία δεν δέχεται να αναγνωρίση τα δικαιώματα του λαού. Αι συζητήσεις διεκόπησαν χθες, χωρίς να καταλήξουν εις συμφωνίαν επί των κυρίων σημείων.

ΚΑΪΡΟΝ, 11 (Ρώυτερ).— Ο κ. Αλ Ασνάγ, ηγέτης του Λαϊκού Σοσιαλιστικού Κόμματος του Άντεν, εδήλωσεν ότι η αποτυχία των συνομιλιών οφείλεται εις την αδιαλλαξίαν της Αγγλίας, η οποία δεν δέχεται να αναγνωρίση τα δικαιώματα του λαού. Αι συζητήσεις διεκόπησαν χθες, χωρίς να καταλήξουν εις συμφωνίαν επί των κυρίων σημείων.

ΚΑΪΡΟΝ, 11 (Ρώυτερ).— Ο κ. Αλ Ασνάγ, ηγέτης του Λαϊκού Σοσιαλιστικού Κόμματος του Άντεν, εδήλωσεν ότι η αποτυχία των συνομιλιών οφείλεται εις την αδιαλλαξίαν της Αγγλίας, η οποία δεν δέχεται να αναγνωρίση τα δικαιώματα του λαού. Αι συζητήσεις διεκόπησαν χθες, χωρίς να καταλήξουν εις συμφωνίαν επί των κυρίων σημείων.

ΚΑΪΡΟΝ, 11 (Ρώυτερ).— Ο κ. Αλ Ασνάγ, ηγέτης του Λαϊκού Σοσιαλιστικού Κόμματος του Άντεν, εδήλωσεν ότι η αποτυχία των συνομιλιών οφείλεται εις την αδιαλλαξίαν της Αγγλίας, η οποία δεν δέχεται να αναγνωρίση τα δικαιώματα του λαού. Αι συζητήσεις διεκόπησαν χθες, χωρίς να καταλήξουν εις συμφωνίαν επί των κυρίων σημείων.

ΣΤΡΑΤΙΩΤΙΚΑ ΑΕΡΟΠΛΑΝΑ ΚΑΙ ΑΛΕΞΙΠΤΩΤΙΣΤΑΙ ΜΕΤΕΧΟΥΝ ΕΥΡΥΤΑΤΩΝ ΕΠΙΧΕΙΡΗΣΕΩΝ ΕΝΑΝΤΙΟΝ ΤΩΝ ΠΕΡΟΥΒΙΑΝΩΝ ΕΠΑΝΑΣΤΑΤΩΝ
ΣΑΘΥΑΡΑΧ ΥΠΟΥΡΓΟΣ ΕΙΣ ΜΑΡΟΚΟΝ

ΚΑΪΡΟΝ, 11 (Ρώυτερ).— Ο κ. Αλ Ασνάγ, ηγέτης του Λαϊκού Σοσιαλιστικού Κόμματος του Άντεν, εδήλωσεν ότι η αποτυχία των συνομιλιών οφείλεται εις την αδιαλλαξίαν της Αγγλίας, η οποία δεν δέχεται να αναγνωρίση τα δικαιώματα του λαού. Αι συζητήσεις διεκόπησαν χθες, χωρίς να καταλήξουν εις συμφωνίαν επί των κυρίων σημείων.

ΕΚΡΗΞΙΣ ΒΟΜΒΑΣ ΕΙΣ ΚΙΝΗΜΑΤΟΓΡΑΦΟΝ

ΚΑΪΡΟΝ, 11 (Ρώυτερ).— Ο κ. Αλ Ασνάγ, ηγέτης του Λαϊκού Σοσιαλιστικού Κόμματος του Άντεν, εδήλωσεν ότι η αποτυχία των συνομιλιών οφείλεται εις την αδιαλλαξίαν της Αγγλίας, η οποία δεν δέχεται να αναγνωρίση τα δικαιώματα του λαού. Αι συζητήσεις διεκόπησαν χθες, χωρίς να καταλήξουν εις συμφωνίαν επί των κυρίων σημείων.

ΚΑΪΡΟΝ, 11 (Ρώυτερ).— Ο κ. Αλ Ασνάγ, ηγέτης του Λαϊκού Σοσιαλιστικού Κόμματος του Άντεν, εδήλωσεν ότι η αποτυχία των συνομιλιών οφείλεται εις την αδιαλλαξίαν της Αγγλίας, η οποία δεν δέχεται να αναγνωρίση τα δικαιώματα του λαού. Αι συζητήσεις διεκόπησαν χθες, χωρίς να καταλήξουν εις συμφωνίαν επί των κυρίων σημείων.

ΚΑΪΡΟΝ, 11 (Ρώυτερ).— Ο κ. Αλ Ασνάγ, ηγέτης του Λαϊκού Σοσιαλιστικού Κόμματος του Άντεν, εδήλωσεν ότι η αποτυχία των συνομιλιών οφείλεται εις την αδιαλλαξίαν της Αγγλίας, η οποία δεν δέχεται να αναγνωρίση τα δικαιώματα του λαού. Αι συζητήσεις διεκόπησαν χθες, χωρίς να καταλήξουν εις συμφωνίαν επί των κυρίων σημείων.

ΘΑ ΓΝΩΣΤΟΠΟΙΗΘΟΥΝ ΕΙΣ ΟΛΑΣ ΤΑΣ ΧΩΡΑΣ ΤΑ ΑΠΟΤΕΛΕΣΜΑΤΑ ΤΩΝ ΕΡΕΥΝΩΝ ΔΙΑ ΤΗΝ ΑΦΑΛΑΤΩΣΙΝ ΘΑΛΑΣΣΙΟΥ ΥΔΑΤΟΣ
ΑΜΕΡΙΚΑΝΟΣ ΠΛΟΙΑΡΧΟΣ ΕΙΣΗΑΝΙΣΘΗ ΕΚ ΤΟΥ ΠΛΟΙΟΥ ΤΟΥ

ΚΑΪΡΟΝ, 11 (Ρώυτερ).— Ο κ. Αλ Ασνάγ, ηγέτης του Λαϊκού Σοσιαλιστικού Κόμματος του Άντεν, εδήλωσεν ότι η αποτυχία των συνομιλιών οφείλεται εις την αδιαλλαξίαν της Αγγλίας, η οποία δεν δέχεται να αναγνωρίση τα δικαιώματα του λαού. Αι συζητήσεις διεκόπησαν χθες, χωρίς να καταλήξουν εις συμφωνίαν επί των κυρίων σημείων.

ΠΥΡΚΑΓΙΑ ΚΑΤΕΣΤΡΕΨΕ ΣΥΝΟΙΚΙΑΝ ΤΟΥ ΑΝΤΕΝ

ΚΑΪΡΟΝ, 11 (Ρώυτερ).— Ο κ. Αλ Ασνάγ, ηγέτης του Λαϊκού Σοσιαλιστικού Κόμματος του Άντεν, εδήλωσεν ότι η αποτυχία των συνομιλιών οφείλεται εις την αδιαλλαξίαν της Αγγλίας, η οποία δεν δέχεται να αναγνωρίση τα δικαιώματα του λαού. Αι συζητήσεις διεκόπησαν χθες, χωρίς να καταλήξουν εις συμφωνίαν επί των κυρίων σημείων.

ΚΑΪΡΟΝ, 11 (Ρώυτερ).— Ο κ. Αλ Ασνάγ, ηγέτης του Λαϊκού Σοσιαλιστικού Κόμματος του Άντεν, εδήλωσεν ότι η αποτυχία των συνομιλιών οφείλεται εις την αδιαλλαξίαν της Αγγλίας, η οποία δεν δέχεται να αναγνωρίση τα δικαιώματα του λαού. Αι συζητήσεις διεκόπησαν χθες, χωρίς να καταλήξουν εις συμφωνίαν επί των κυρίων σημείων.

ΚΑΪΡΟΝ, 11 (Ρώυτερ).— Ο κ. Αλ Ασνάγ, ηγέτης του Λαϊκού Σοσιαλιστικού Κόμματος του Άντεν, εδήλωσεν ότι η αποτυχία των συνομιλιών οφείλεται εις την αδιαλλαξίαν της Αγγλίας, η οποία δεν δέχεται να αναγνωρίση τα δικαιώματα του λαού. Αι συζητήσεις διεκόπησαν χθες, χωρίς να καταλήξουν εις συμφωνίαν επί των κυρίων σημείων.

Ο ΔΡ ΕΡΧΑΡΤ ΚΑΤΑΓΓΕΛΛΕΙ ΤΗΝ ΑΡΙΣΤΕΡΑΝ ΩΣ ΥΠΟΝΟΜΕΥΟΥΣΑΝ ΤΗΝ ΔΥΤΙΚΗΝ ΑΜΥΝΑΝ

ΚΑΪΡΟΝ, 11 (Ρώυτερ).— Ο κ. Αλ Ασνάγ, ηγέτης του Λαϊκού Σοσιαλιστικού Κόμματος του Άντεν, εδήλωσεν ότι η αποτυχία των συνομιλιών οφείλεται εις την αδιαλλαξίαν της Αγγλίας, η οποία δεν δέχεται να αναγνωρίση τα δικαιώματα του λαού. Αι συζητήσεις διεκόπησαν χθες, χωρίς να καταλήξουν εις συμφωνίαν επί των κυρίων σημείων.

ΚΑΪΡΟΝ, 11 (Ρώυτερ).— Ο κ. Αλ Ασνάγ, ηγέτης του Λαϊκού Σοσιαλιστικού Κόμματος του Άντεν, εδήλωσεν ότι η αποτυχία των συνομιλιών οφείλεται εις την αδιαλλαξίαν της Αγγλίας, η οποία δεν δέχεται να αναγνωρίση τα δικαιώματα του λαού. Αι συζητήσεις διεκόπησαν χθες, χωρίς να καταλήξουν εις συμφωνίαν επί των κυρίων σημείων.

ΔΡΑΜΑΤΙΚΗ ΠΕΡΙΠΕΤΕΙΑ ΘΑΛΑΣΣΟΠΟΡΟΥ

ΚΑΪΡΟΝ, 11 (Ρώυτερ).— Ο κ. Αλ Ασνάγ, ηγέτης του Λαϊκού Σοσιαλιστικού Κόμματος του Άντεν, εδήλωσεν ότι η αποτυχία των συνομιλιών οφείλεται εις την αδιαλλαξίαν της Αγγλίας, η οποία δεν δέχεται να αναγνωρίση τα δικαιώματα του λαού. Αι συζητήσεις διεκόπησαν χθες, χωρίς να καταλήξουν εις συμφωνίαν επί των κυρίων σημείων.

Ο ΧΟΥΣΕΙΝ ΕΞΥΡΤΑΣΕ ΤΗΝ ΑΝΟΔΟΝ ΤΟΥ ΕΙΣ ΤΟΝ ΘΡΟΝΟΝ

ΚΑΪΡΟΝ, 11 (Ρώυτερ).— Ο κ. Αλ Ασνάγ, ηγέτης του Λαϊκού Σοσιαλιστικού Κόμματος του Άντεν, εδήλωσεν ότι η αποτυχία των συνομιλιών οφείλεται εις την αδιαλλαξίαν της Αγγλίας, η οποία δεν δέχεται να αναγνωρίση τα δικαιώματα του λαού. Αι συζητήσεις διεκόπησαν χθες, χωρίς να καταλήξουν εις συμφωνίαν επί των κυρίων σημείων.
